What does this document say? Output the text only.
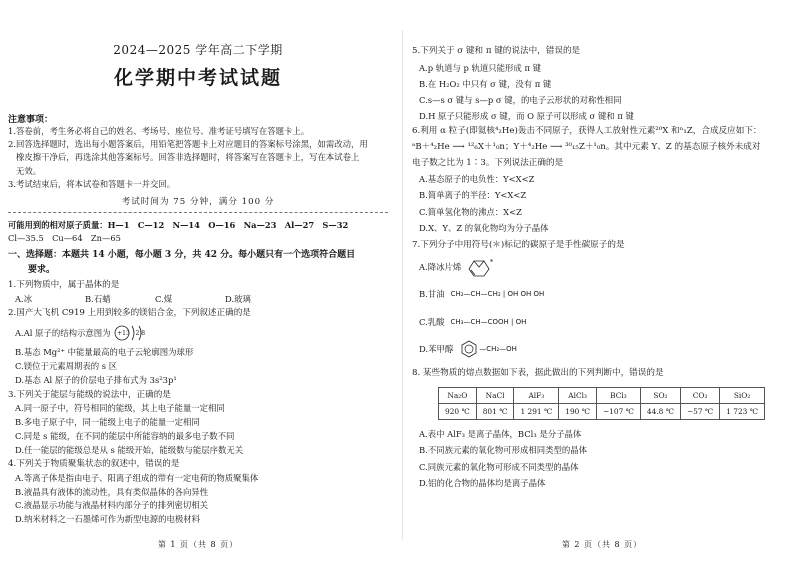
2024—2025 学年高二下学期
化学期中考试试题
注意事项：
1.答卷前，考生务必将自己的姓名、考场号、座位号、准考证号填写在答题卡上。
2.回答选择题时，选出每小题答案后，用铅笔把答题卡上对应题目的答案标号涂黑，如需改动，用
橡皮擦干净后，再选涂其他答案标号。回答非选择题时，将答案写在答题卡上，写在本试卷上
无效。
3.考试结束后，将本试卷和答题卡一并交回。
考试时间为 75 分钟，满分 100 分
可能用到的相对原子质量：H—1　C—12　N—14　O—16　Na—23　Al—27　S—32
Cl—35.5　Cu—64　Zn—65
一、选择题：本题共 14 小题，每小题 3 分，共 42 分。每小题只有一个选项符合题目
要求。
1.下列物质中，属于晶体的是
A.冰	B.石蜡	C.煤	D.玻璃
2.国产大飞机 C919 上用到较多的镁铝合金，下列叙述正确的是
A.Al 原子的结构示意图为 +13 2 8
B.基态 Mg²⁺ 中能量最高的电子云轮廓图为球形
C.镁位于元素周期表的 s 区
D.基态 Al 原子的价层电子排布式为 3s²3p¹
3.下列关于能层与能级的说法中，正确的是
A.同一原子中，符号相同的能级，其上电子能量一定相同
B.多电子原子中，同一能级上电子的能量一定相同
C.同是 s 能级，在不同的能层中所能容纳的最多电子数不同
D.任一能层的能级总是从 s 能级开始，能级数与能层序数无关
4.下列关于物质聚集状态的叙述中，错误的是
A.等离子体是指由电子、阳离子组成的带有一定电荷的物质聚集体
B.液晶具有液体的流动性，具有类似晶体的各向异性
C.液晶显示功能与液晶材料内部分子的排列密切相关
D.纳米材料之一石墨烯可作为新型电源的电极材料
第 1 页（共 8 页）
5.下列关于 σ 键和 π 键的说法中，错误的是
A.p 轨道与 p 轨道只能形成 π 键
B.在 H₂O₂ 中只有 σ 键，没有 π 键
C.s—s σ 键与 s—p σ 键，的电子云形状的对称性相同
D.H 原子只能形成 σ 键，而 O 原子可以形成 σ 键和 π 键
6.利用 α 粒子(即氦核⁴₂He)轰击不同原子，获得人工放射性元素²⁰X 和ⁿ₁Z，合成反应如下：
ᵃB＋⁴₂He ⟶ ¹²₆X＋¹₀n；Y＋⁴₂He ⟶ ³⁰₁₅Z＋¹₀n。其中元素 Y、Z 的基态原子核外未成对
电子数之比为 1∶3。下列说法正确的是
A.基态原子的电负性：Y<X<Z
B.简单离子的半径：Y<X<Z
C.简单氢化物的沸点：X<Z
D.X、Y、Z 的氧化物均为分子晶体
7.下列分子中用符号(＊)标记的碳原子是手性碳原子的是
A.降冰片烯	*
B.甘油 CH₂—CH—CH₂ | OH OH OH
C.乳酸 CH₃—CH—COOH | OH
D.苯甲醇	—CH₂—OH
8. 某些物质的熔点数据如下表，据此做出的下列判断中，错误的是
Na₂O	NaCl	AlF₃	AlCl₃	BCl₃	SO₂	CO₂	SiO₂
920 ℃	801 ℃	1 291 ℃	190 ℃	−107 ℃	44.8 ℃	−57 ℃	1 723 ℃
A.表中 AlF₃ 是离子晶体，BCl₃ 是分子晶体
B.不同族元素的氧化物可形成相同类型的晶体
C.同族元素的氧化物可形成不同类型的晶体
D.铝的化合物的晶体均是离子晶体
第 2 页（共 8 页）
